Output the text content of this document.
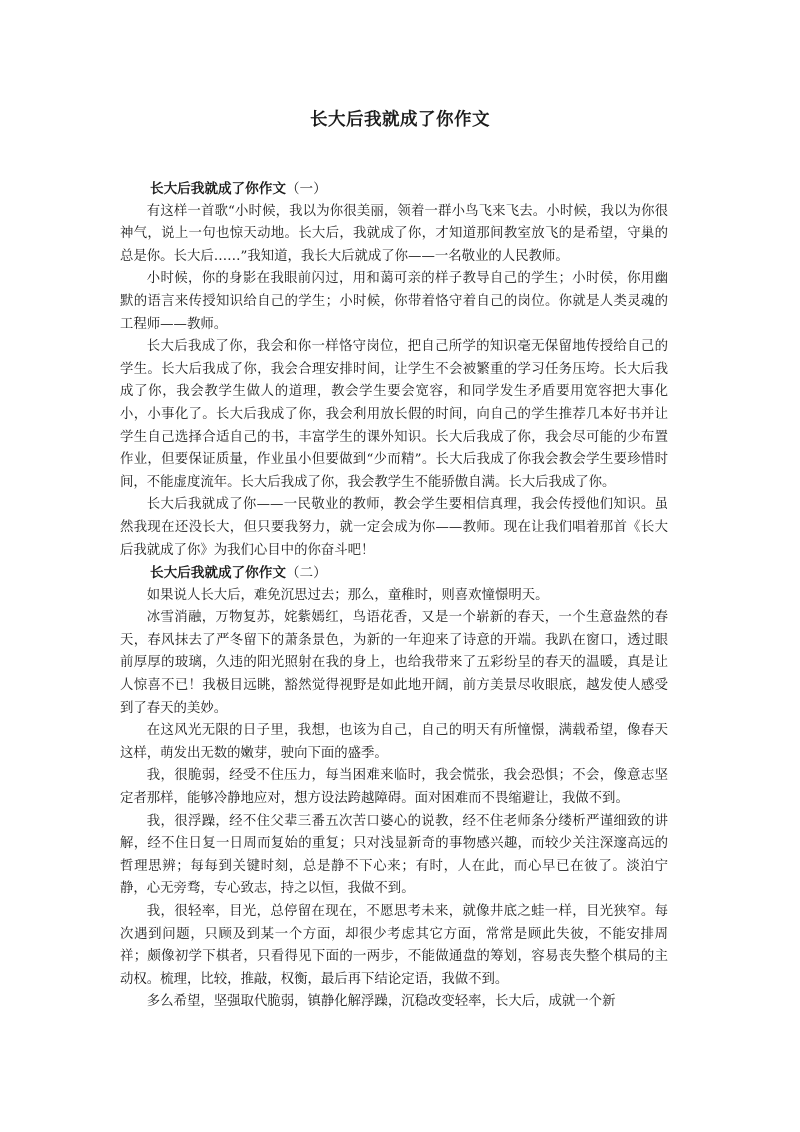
长大后我就成了你作文

长大后我就成了你作文（一）

有这样一首歌“小时候，我以为你很美丽，领着一群小鸟飞来飞去。小时候，我以为你很神气，说上一句也惊天动地。长大后，我就成了你，才知道那间教室放飞的是希望，守巢的总是你。长大后……”我知道，我长大后就成了你——一名敬业的人民教师。

小时候，你的身影在我眼前闪过，用和蔼可亲的样子教导自己的学生；小时侯，你用幽默的语言来传授知识给自己的学生；小时候，你带着恪守着自己的岗位。你就是人类灵魂的工程师——教师。

长大后我成了你，我会和你一样恪守岗位，把自己所学的知识毫无保留地传授给自己的学生。长大后我成了你，我会合理安排时间，让学生不会被繁重的学习任务压垮。长大后我成了你，我会教学生做人的道理，教会学生要会宽容，和同学发生矛盾要用宽容把大事化小，小事化了。长大后我成了你，我会利用放长假的时间，向自己的学生推荐几本好书并让学生自己选择合适自己的书，丰富学生的课外知识。长大后我成了你，我会尽可能的少布置作业，但要保证质量，作业虽小但要做到“少而精”。长大后我成了你我会教会学生要珍惜时间，不能虚度流年。长大后我成了你，我会教学生不能骄傲自满。长大后我成了你。

长大后我就成了你——一民敬业的教师，教会学生要相信真理，我会传授他们知识。虽然我现在还没长大，但只要我努力，就一定会成为你——教师。现在让我们唱着那首《长大后我就成了你》为我们心目中的你奋斗吧！

长大后我就成了你作文（二）

如果说人长大后，难免沉思过去；那么，童稚时，则喜欢憧憬明天。

冰雪消融，万物复苏，姹紫嫣红，鸟语花香，又是一个崭新的春天，一个生意盎然的春天，春风抹去了严冬留下的萧条景色，为新的一年迎来了诗意的开端。我趴在窗口，透过眼前厚厚的玻璃，久违的阳光照射在我的身上，也给我带来了五彩纷呈的春天的温暖，真是让人惊喜不已！我极目远眺，豁然觉得视野是如此地开阔，前方美景尽收眼底，越发使人感受到了春天的美妙。

在这风光无限的日子里，我想，也该为自己，自己的明天有所憧憬，满载希望，像春天这样，萌发出无数的嫩芽，驶向下面的盛季。

我，很脆弱，经受不住压力，每当困难来临时，我会慌张，我会恐惧；不会，像意志坚定者那样，能够冷静地应对，想方设法跨越障碍。面对困难而不畏缩避让，我做不到。

我，很浮躁，经不住父辈三番五次苦口婆心的说教，经不住老师条分缕析严谨细致的讲解，经不住日复一日周而复始的重复；只对浅显新奇的事物感兴趣，而较少关注深邃高远的哲理思辨；每每到关键时刻，总是静不下心来；有时，人在此，而心早已在彼了。淡泊宁静，心无旁骛，专心致志，持之以恒，我做不到。

我，很轻率，目光，总停留在现在，不愿思考未来，就像井底之蛙一样，目光狭窄。每次遇到问题，只顾及到某一个方面，却很少考虑其它方面，常常是顾此失彼，不能安排周祥；颇像初学下棋者，只看得见下面的一两步，不能做通盘的筹划，容易丧失整个棋局的主动权。梳理，比较，推敲，权衡，最后再下结论定语，我做不到。

多么希望，坚强取代脆弱，镇静化解浮躁，沉稳改变轻率，长大后，成就一个新
